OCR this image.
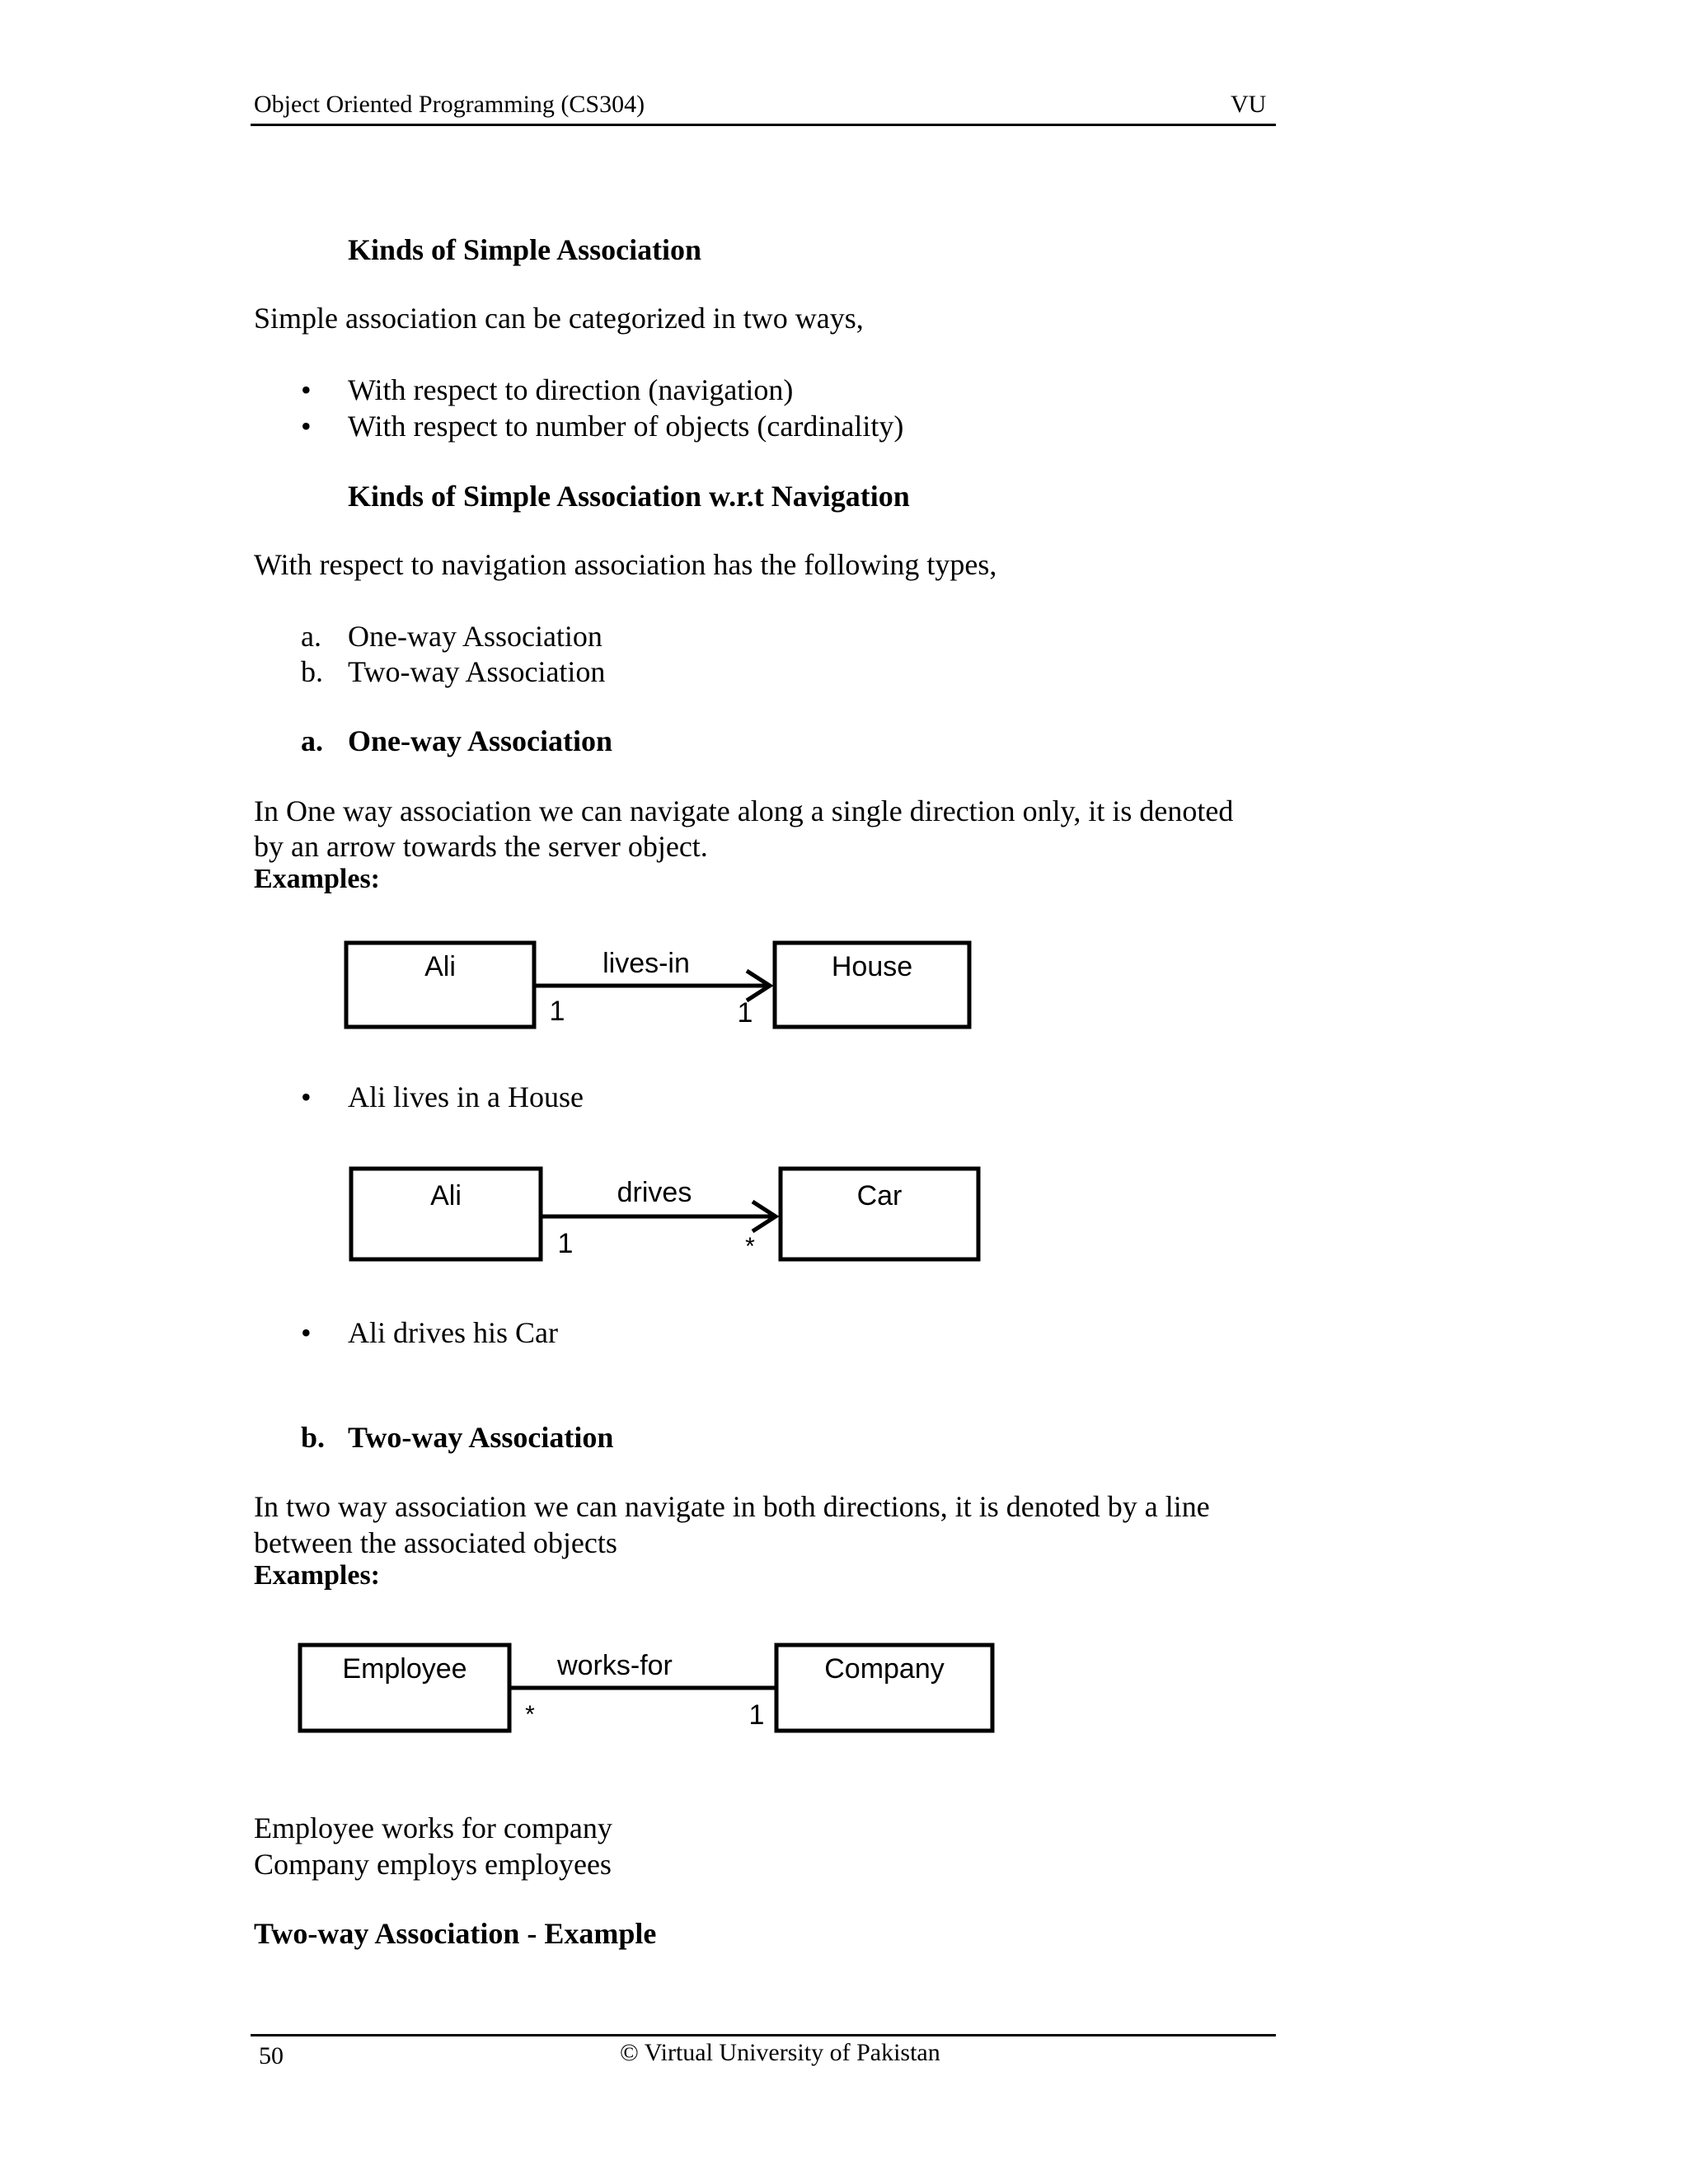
Object Oriented Programming (CS304)	VU
Kinds of Simple Association
Simple association can be categorized in two ways,
• With respect to direction (navigation)
• With respect to number of objects (cardinality)
Kinds of Simple Association w.r.t Navigation
With respect to navigation association has the following types,
a. One-way Association
b. Two-way Association
a. One-way Association
In One way association we can navigate along a single direction only, it is denoted
by an arrow towards the server object.
Examples:
Ali	House
lives-in
1	1
Ali	Car
drives
1	*
Employee	Company
works-for
*	1
• Ali lives in a House
• Ali drives his Car
b. Two-way Association
In two way association we can navigate in both directions, it is denoted by a line
between the associated objects
Examples:
Employee works for company
Company employs employees
Two-way Association - Example
50	© Virtual University of Pakistan
